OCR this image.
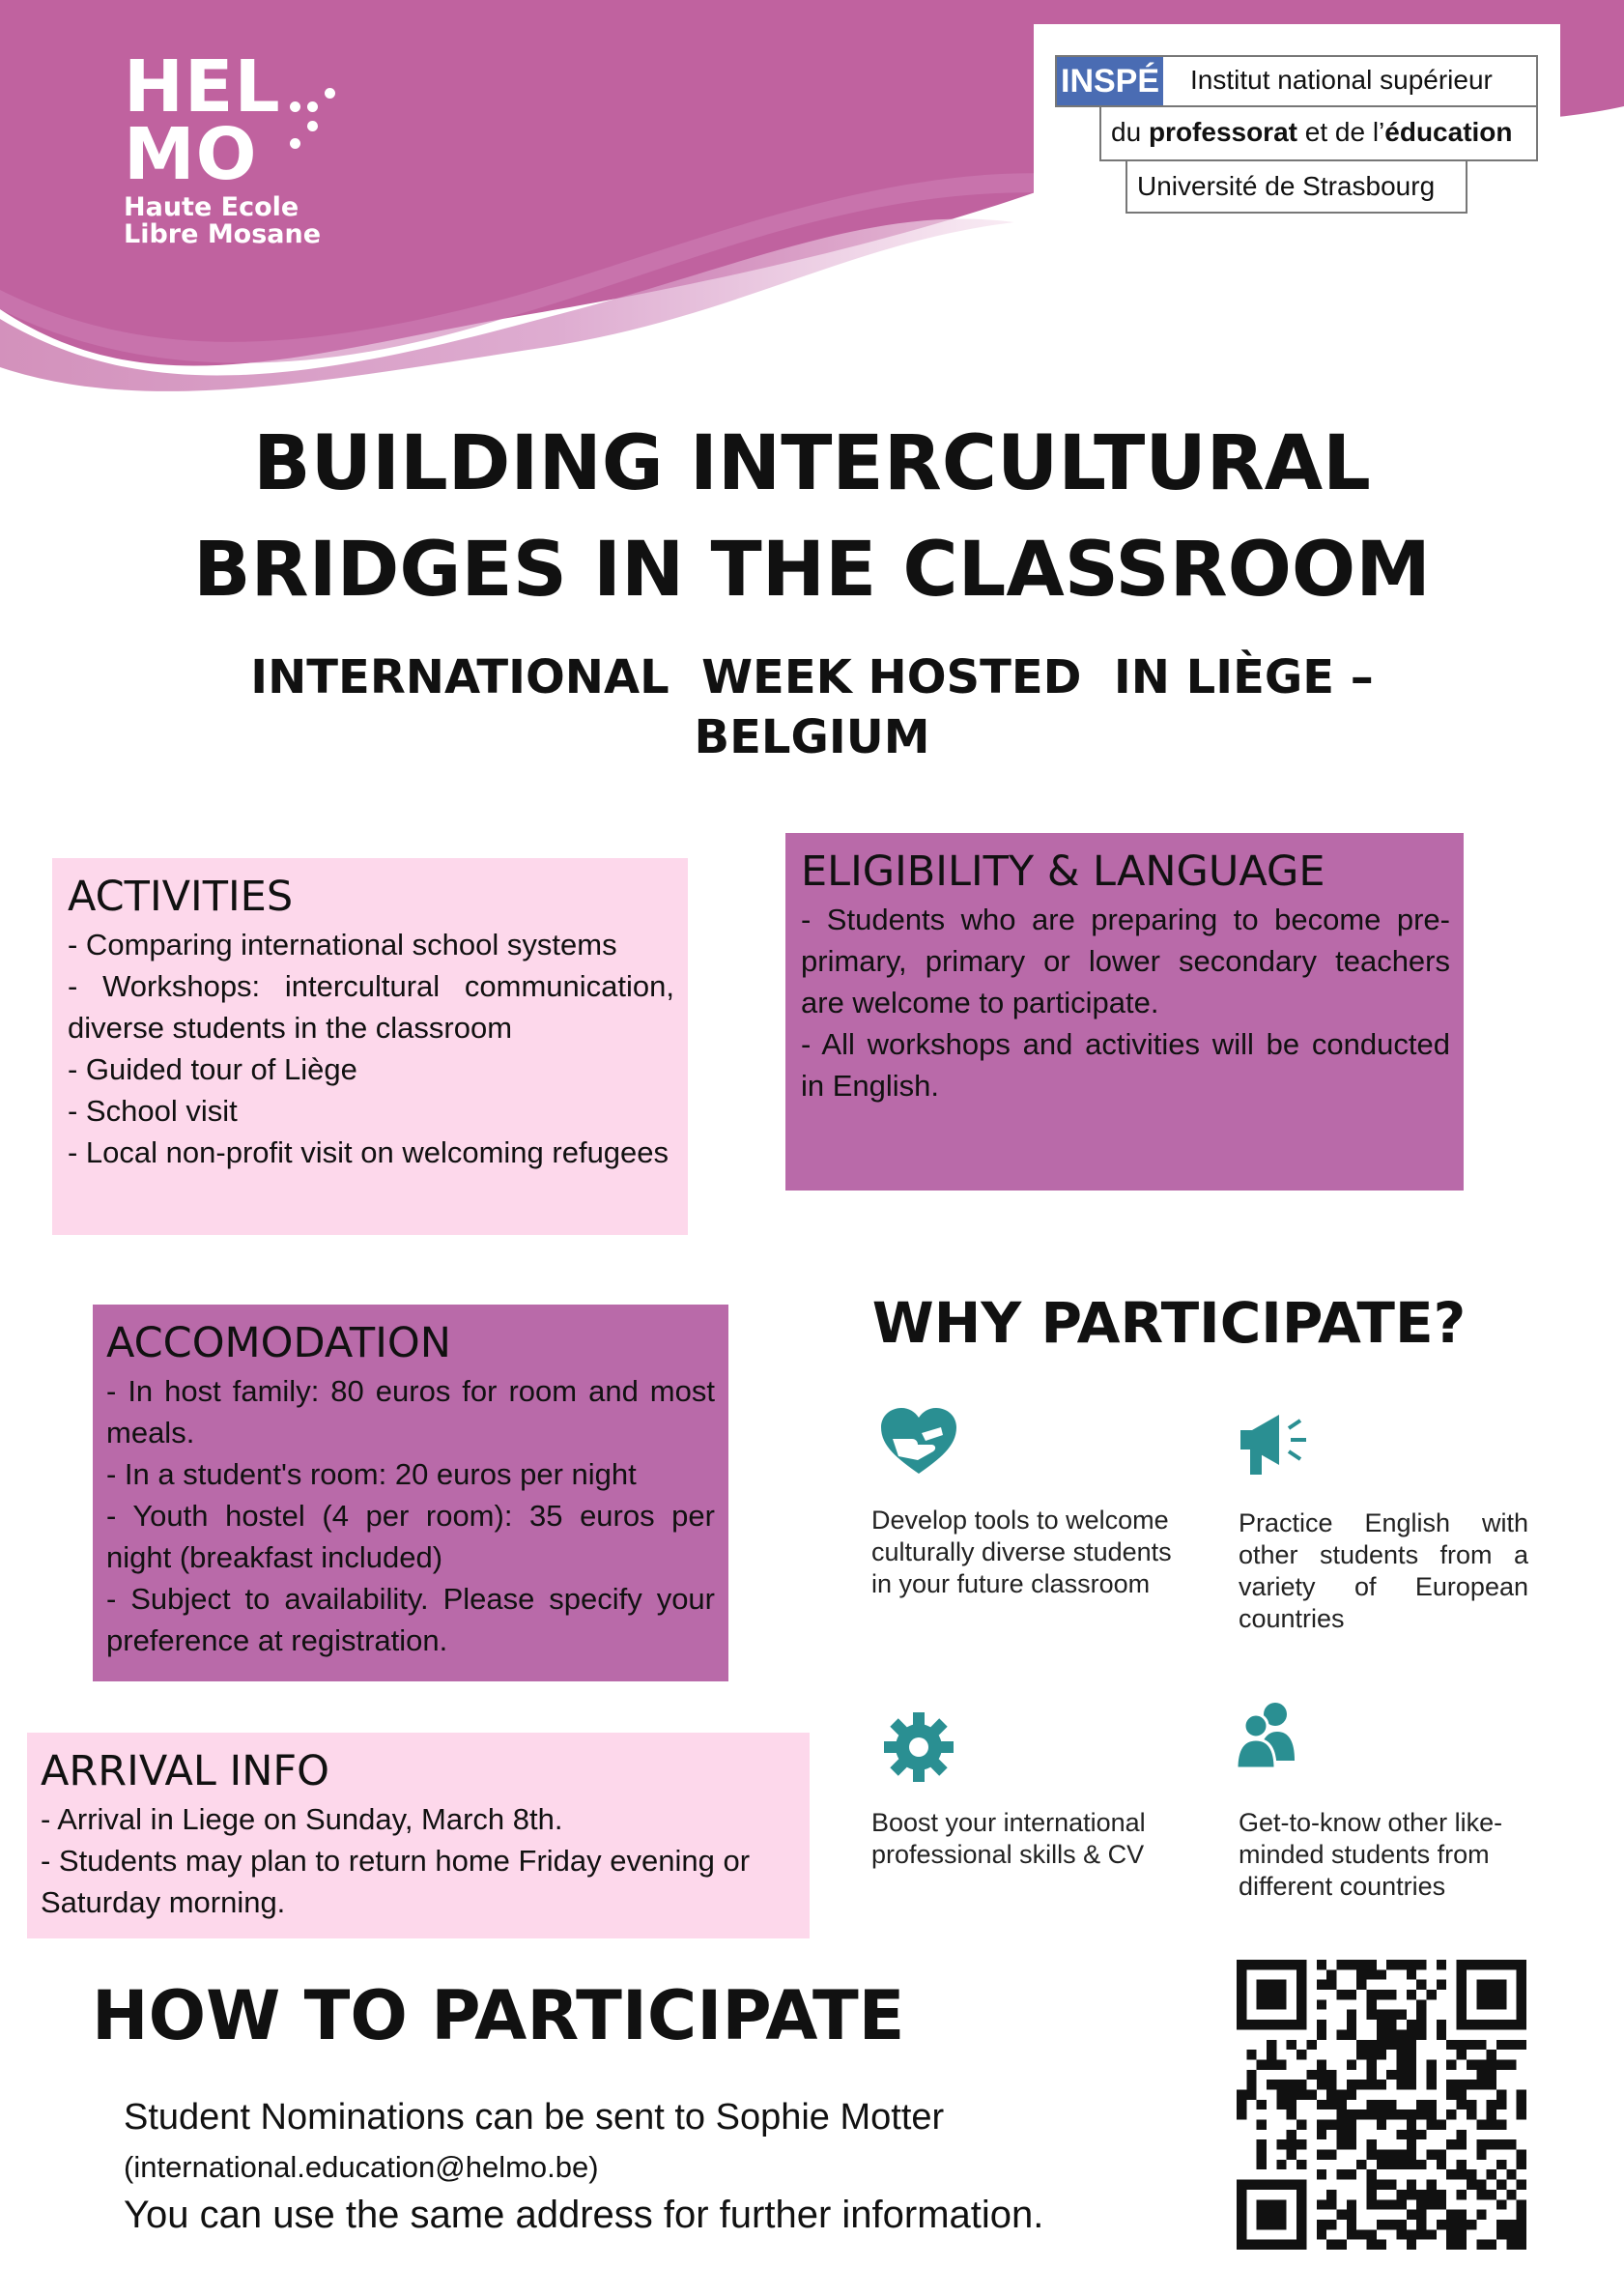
HEL
MO
Haute Ecole
Libre Mosane
INSPÉ Institut national supérieur
du professorat et de l’éducation
Université de Strasbourg
BUILDING INTERCULTURAL
BRIDGES IN THE CLASSROOM
INTERNATIONAL  WEEK HOSTED  IN LIÈGE –
BELGIUM
ACTIVITIES

- Comparing international school systems

- Workshops: intercultural communication, diverse students in the classroom

- Guided tour of Liège

- School visit

- Local non-profit visit on welcoming refugees

ELIGIBILITY & LANGUAGE

- Students who are preparing to become pre-primary, primary or lower secondary teachers are welcome to participate.

- All workshops and activities will be conducted in English.

ACCOMODATION

- In host family: 80 euros for room and most meals.

- In a student's room: 20 euros per night

- Youth hostel (4 per room): 35 euros per night (breakfast included)

- Subject to availability. Please specify your preference at registration.

ARRIVAL INFO

- Arrival in Liege on Sunday, March 8th.

- Students may plan to return home Friday evening or Saturday morning.

WHY PARTICIPATE?
Develop tools to welcome culturally diverse students in your future classroom
Practice English with other students from a variety of European countries
Boost your international professional skills & CV
Get-to-know other like-minded students from different countries
HOW TO PARTICIPATE
Student Nominations can be sent to Sophie Motter
(international.education@helmo.be)
You can use the same address for further information.
